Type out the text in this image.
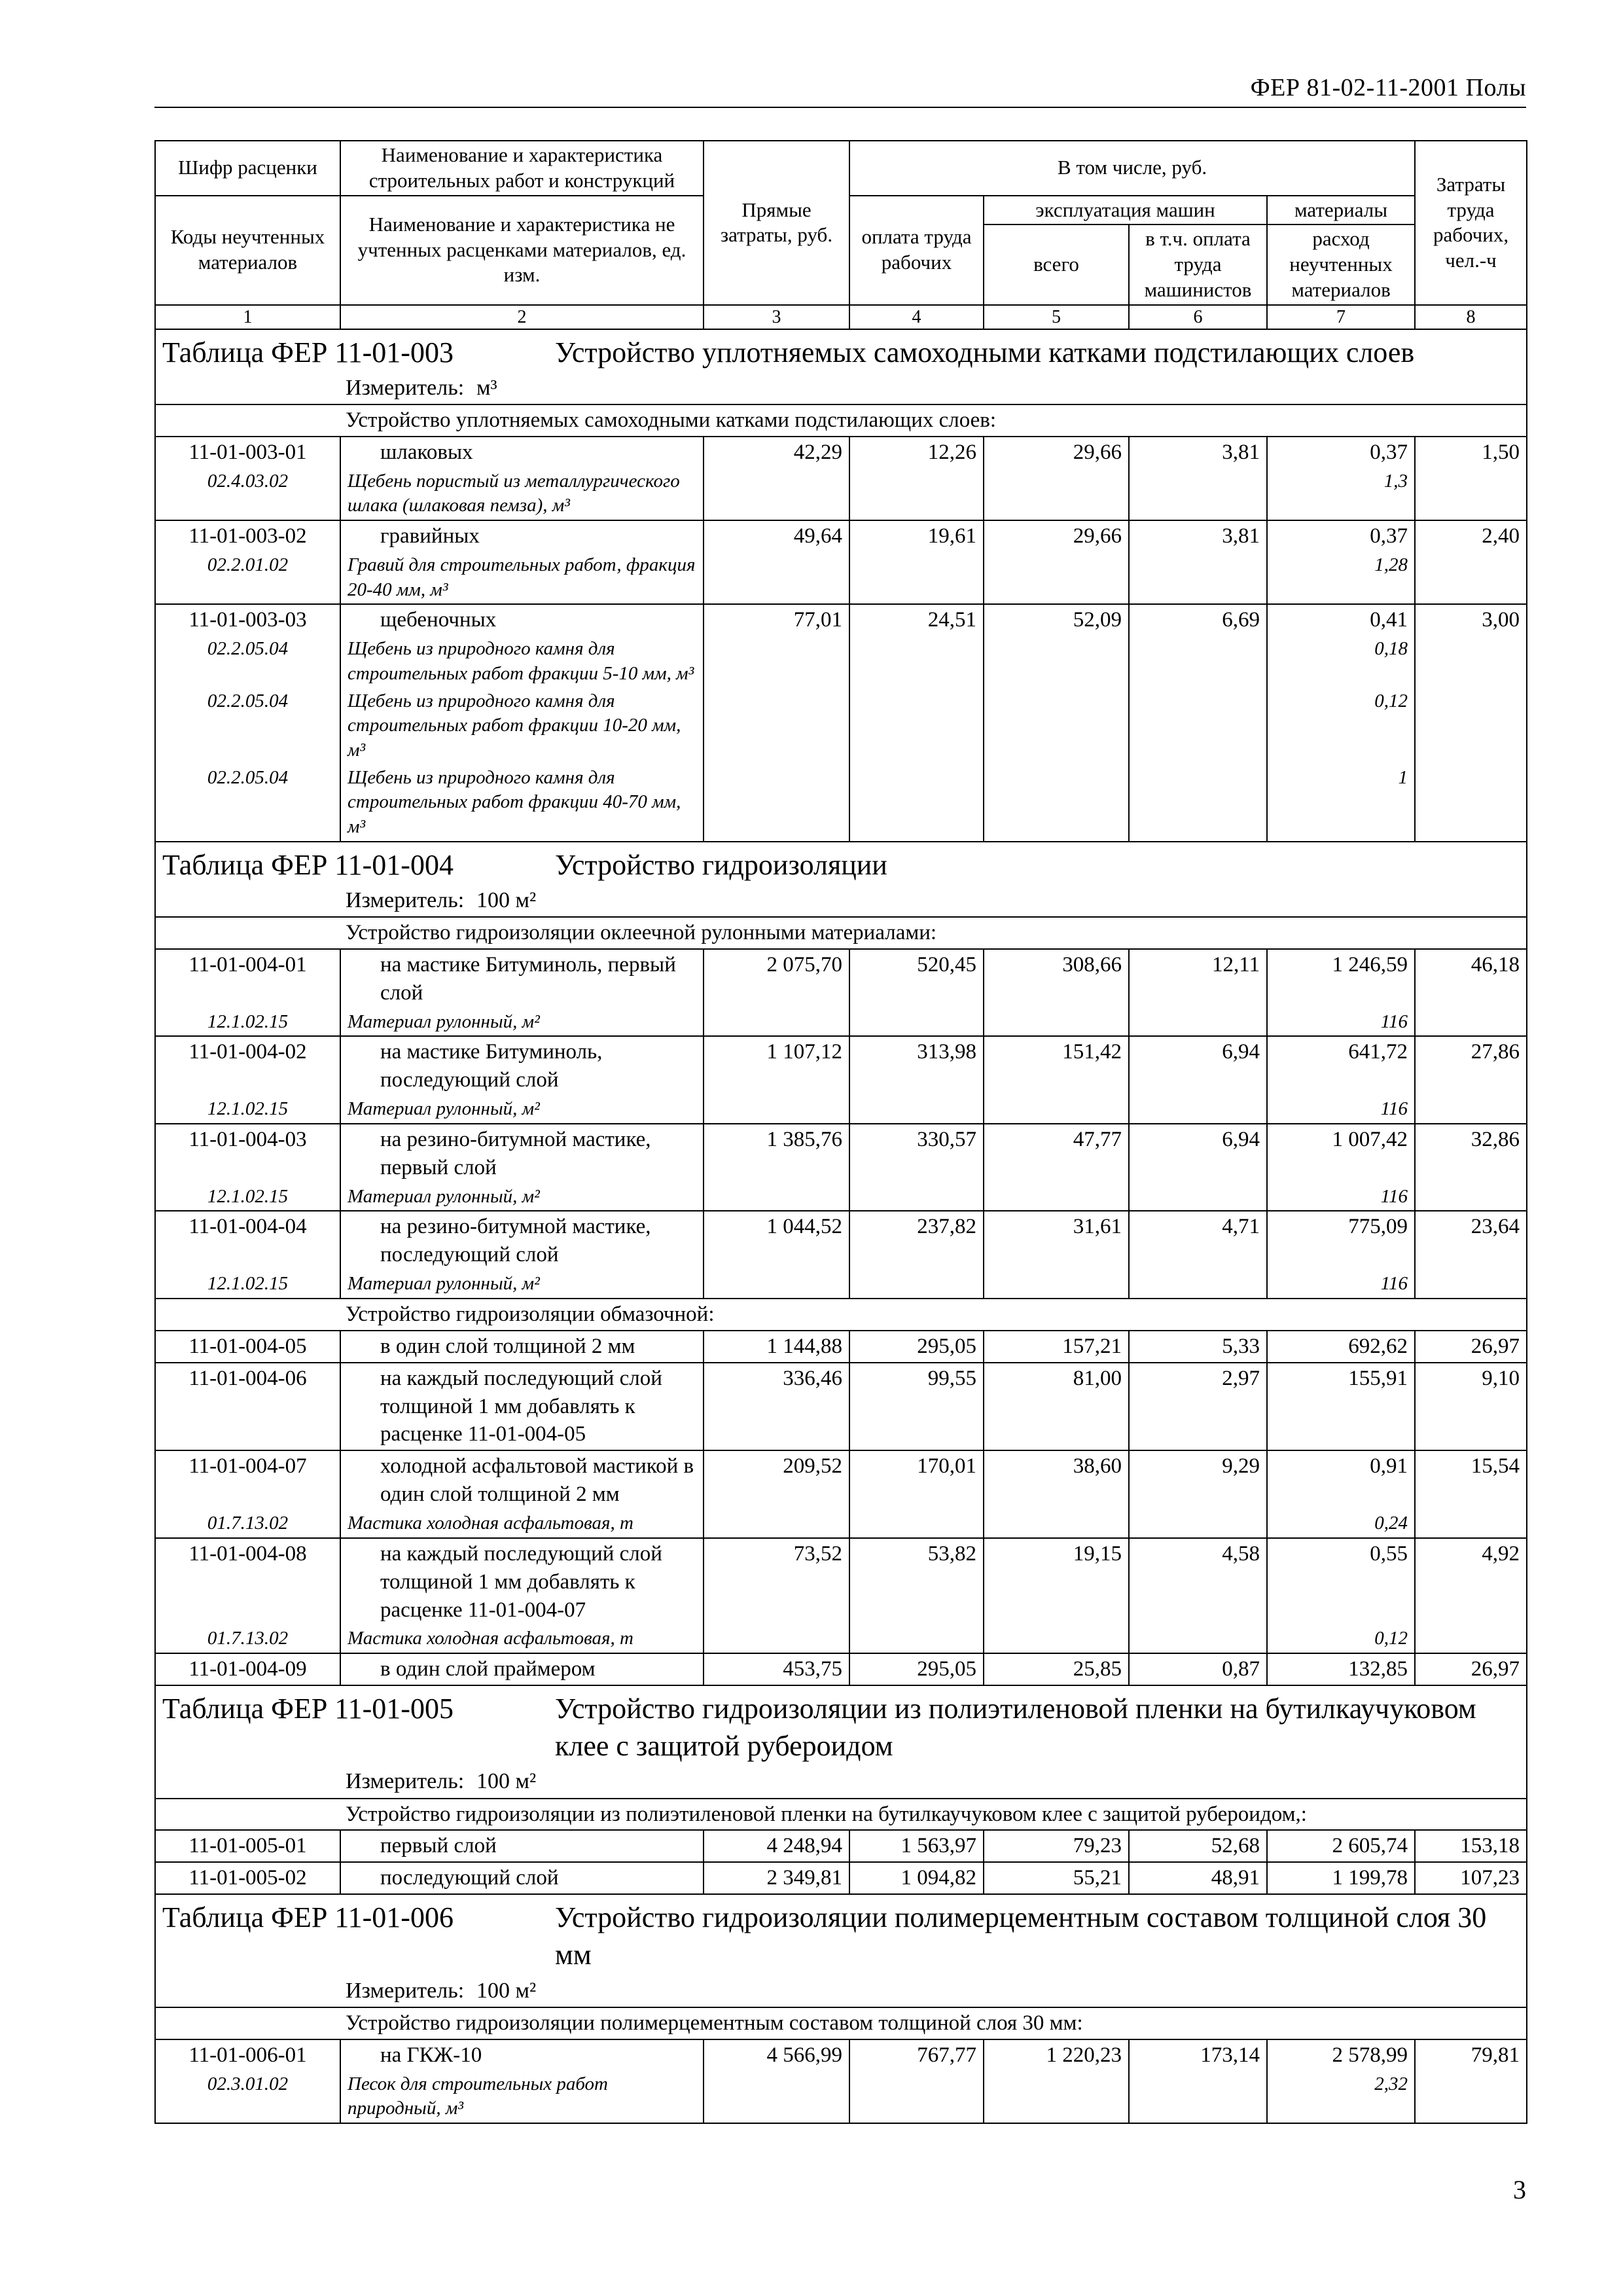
ФЕР 81-02-11-2001 Полы
Шифр расценки	Наименование и характеристика строительных работ и конструкций	Прямые затраты, руб.	В том числе, руб.				Затраты труда рабочих, чел.-ч
Коды неучтенных материалов	Наименование и характеристика не учтенных расценками материалов, ед. изм.		оплата труда рабочих	эксплуатация машин		материалы	
				всего	в т.ч. оплата труда машинистов	расход неучтенных материалов	
1	2	3	4	5	6	7	8
Таблица ФЕР 11-01-003 Устройство уплотняемых самоходными катками подстилающих слоев							
Измеритель: м³							
Устройство уплотняемых самоходными катками подстилающих слоев:							
11-01-003-01	шлаковых	42,29	12,26	29,66	3,81	0,37	1,50
02.4.03.02	Щебень пористый из металлургического шлака (шлаковая пемза), м³					1,3	
11-01-003-02	гравийных	49,64	19,61	29,66	3,81	0,37	2,40
02.2.01.02	Гравий для строительных работ, фракция 20-40 мм, м³					1,28	
11-01-003-03	щебеночных	77,01	24,51	52,09	6,69	0,41	3,00
02.2.05.04	Щебень из природного камня для строительных работ фракции 5-10 мм, м³					0,18	
02.2.05.04	Щебень из природного камня для строительных работ фракции 10-20 мм, м³					0,12	
02.2.05.04	Щебень из природного камня для строительных работ фракции 40-70 мм, м³					1	
Таблица ФЕР 11-01-004 Устройство гидроизоляции							
Измеритель: 100 м²							
Устройство гидроизоляции оклеечной рулонными материалами:							
11-01-004-01	на мастике Битуминоль, первый слой	2 075,70	520,45	308,66	12,11	1 246,59	46,18
12.1.02.15	Материал рулонный, м²					116	
11-01-004-02	на мастике Битуминоль, последующий слой	1 107,12	313,98	151,42	6,94	641,72	27,86
12.1.02.15	Материал рулонный, м²					116	
11-01-004-03	на резино-битумной мастике, первый слой	1 385,76	330,57	47,77	6,94	1 007,42	32,86
12.1.02.15	Материал рулонный, м²					116	
11-01-004-04	на резино-битумной мастике, последующий слой	1 044,52	237,82	31,61	4,71	775,09	23,64
12.1.02.15	Материал рулонный, м²					116	
Устройство гидроизоляции обмазочной:							
11-01-004-05	в один слой толщиной 2 мм	1 144,88	295,05	157,21	5,33	692,62	26,97
11-01-004-06	на каждый последующий слой толщиной 1 мм добавлять к расценке 11-01-004-05	336,46	99,55	81,00	2,97	155,91	9,10
11-01-004-07	холодной асфальтовой мастикой в один слой толщиной 2 мм	209,52	170,01	38,60	9,29	0,91	15,54
01.7.13.02	Мастика холодная асфальтовая, т					0,24	
11-01-004-08	на каждый последующий слой толщиной 1 мм добавлять к расценке 11-01-004-07	73,52	53,82	19,15	4,58	0,55	4,92
01.7.13.02	Мастика холодная асфальтовая, т					0,12	
11-01-004-09	в один слой праймером	453,75	295,05	25,85	0,87	132,85	26,97
Таблица ФЕР 11-01-005 Устройство гидроизоляции из полиэтиленовой пленки на бутилкаучуковом клее с защитой рубероидом							
Измеритель: 100 м²							
Устройство гидроизоляции из полиэтиленовой пленки на бутилкаучуковом клее с защитой рубероидом,:							
11-01-005-01	первый слой	4 248,94	1 563,97	79,23	52,68	2 605,74	153,18
11-01-005-02	последующий слой	2 349,81	1 094,82	55,21	48,91	1 199,78	107,23
Таблица ФЕР 11-01-006 Устройство гидроизоляции полимерцементным составом толщиной слоя 30 мм							
Измеритель: 100 м²							
Устройство гидроизоляции полимерцементным составом толщиной слоя 30 мм:							
11-01-006-01	на ГКЖ-10	4 566,99	767,77	1 220,23	173,14	2 578,99	79,81
02.3.01.02	Песок для строительных работ природный, м³					2,32	
3
